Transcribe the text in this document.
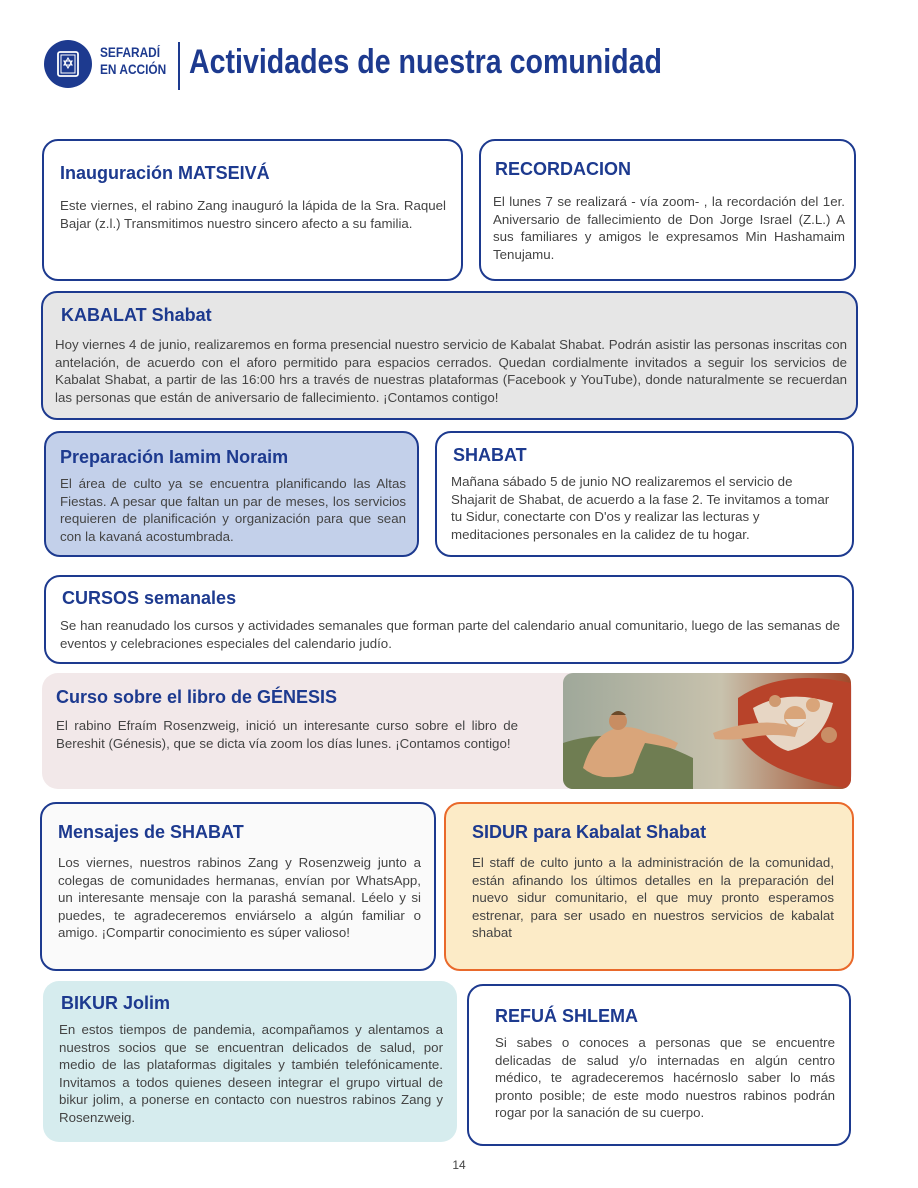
SEFARADÍ
EN ACCIÓN Actividades de nuestra comunidad
Inauguración MATSEIVÁ
Este viernes, el rabino Zang inauguró la lápida de la Sra. Raquel Bajar (z.l.) Transmitimos nuestro sincero afecto a su familia.
RECORDACION
El lunes 7 se realizará - vía zoom- , la recordación del 1er. Aniversario de fallecimiento de Don Jorge Israel (Z.L.) A sus familiares y amigos le expresamos Min Hashamaim Tenujamu.
KABALAT Shabat
Hoy viernes 4 de junio, realizaremos en forma presencial nuestro servicio de Kabalat Shabat. Podrán asistir las personas inscritas con antelación, de acuerdo con el aforo permitido para espacios cerrados. Quedan cordialmente invitados a seguir los servicios de Kabalat Shabat, a partir de las 16:00 hrs a través de nuestras plataformas (Facebook y YouTube), donde naturalmente se recuerdan las personas que están de aniversario de fallecimiento. ¡Contamos contigo!
Preparación Iamim Noraim
El área de culto ya se encuentra planificando las Altas Fiestas. A pesar que faltan un par de meses, los servicios requieren de planificación y organización para que sean con la kavaná acostumbrada.
SHABAT
Mañana sábado 5 de junio NO realizaremos el servicio de Shajarit de Shabat, de acuerdo a la fase 2. Te invitamos a tomar tu Sidur, conectarte con D'os y realizar las lecturas y meditaciones personales en la calidez de tu hogar.
CURSOS semanales
Se han reanudado los cursos y actividades semanales que forman parte del calendario anual comunitario, luego de las semanas de eventos y celebraciones especiales del calendario judío.
Curso sobre el libro de GÉNESIS
El rabino Efraím Rosenzweig, inició un interesante curso sobre el libro de Bereshit (Génesis), que se dicta vía zoom los días lunes. ¡Contamos contigo!
Mensajes de SHABAT
Los viernes, nuestros rabinos Zang y Rosenzweig junto a colegas de comunidades hermanas, envían por WhatsApp, un interesante mensaje con la parashá semanal. Léelo y si puedes, te agradeceremos enviárselo a algún familiar o amigo. ¡Compartir conocimiento es súper valioso!
SIDUR para Kabalat Shabat
El staff de culto junto a la administración de la comunidad, están afinando los últimos detalles en la preparación del nuevo sidur comunitario, el que muy pronto esperamos estrenar, para ser usado en nuestros servicios de kabalat shabat
BIKUR Jolim
En estos tiempos de pandemia, acompañamos y alentamos a nuestros socios que se encuentran delicados de salud, por medio de las plataformas digitales y también telefónicamente. Invitamos a todos quienes deseen integrar el grupo virtual de bikur jolim, a ponerse en contacto con nuestros rabinos Zang y Rosenzweig.
REFUÁ SHLEMA
Si sabes o conoces a personas que se encuentre delicadas de salud y/o internadas en algún centro médico, te agradeceremos hacérnoslo saber lo más pronto posible; de este modo nuestros rabinos podrán rogar por la sanación de su cuerpo.
14
